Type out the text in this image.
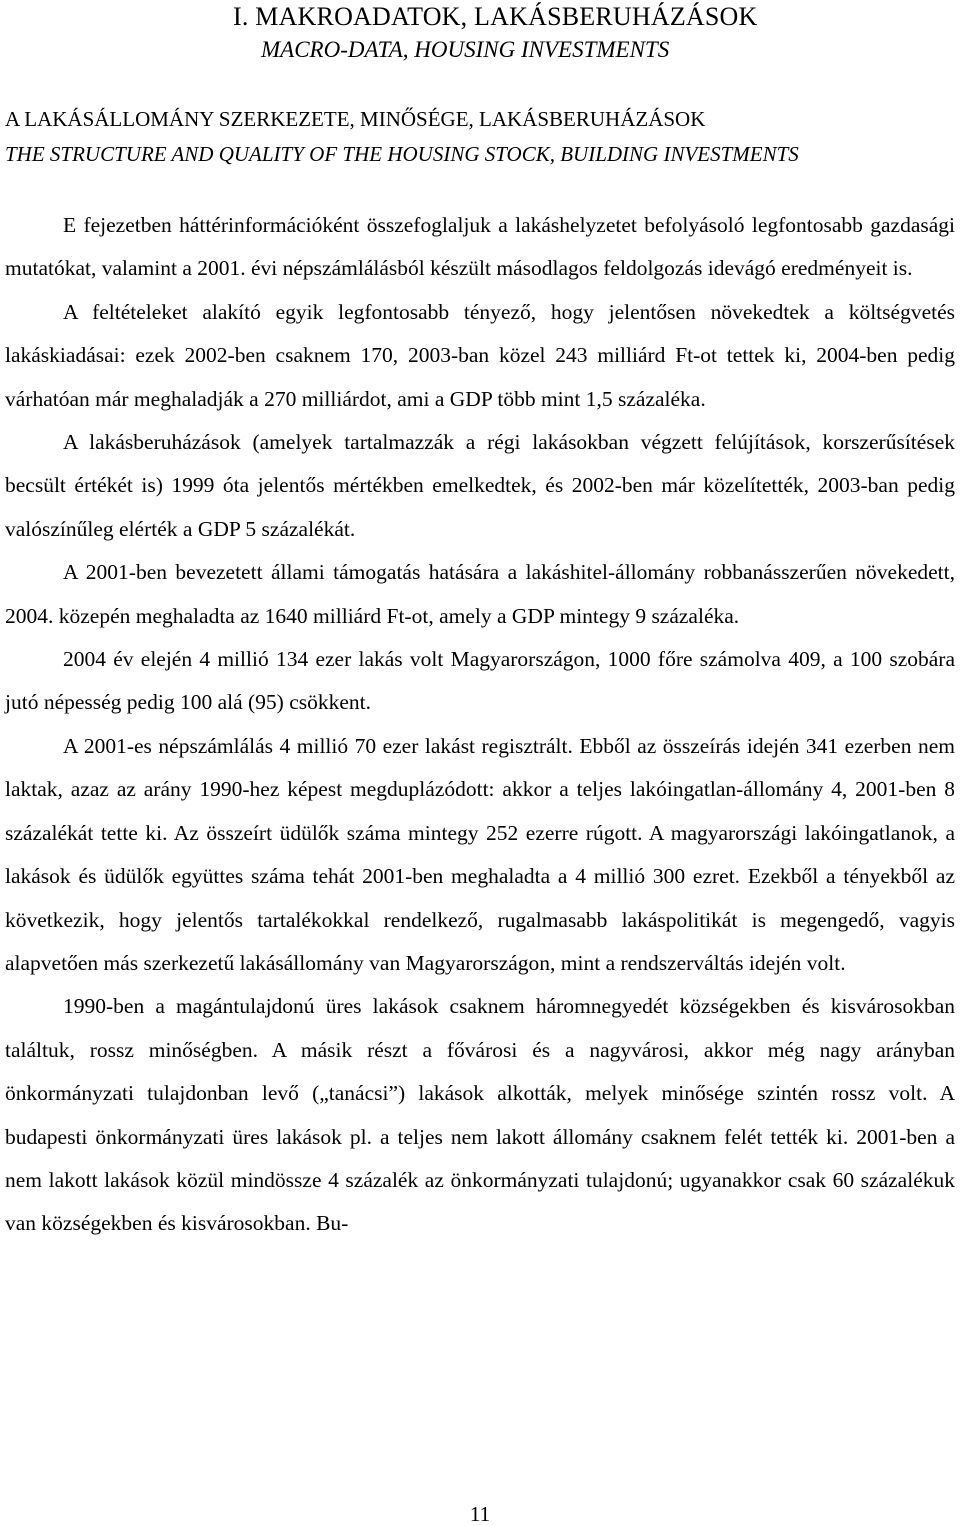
I. MAKROADATOK, LAKÁSBERUHÁZÁSOK
MACRO-DATA, HOUSING INVESTMENTS
A LAKÁSÁLLOMÁNY SZERKEZETE, MINŐSÉGE, LAKÁSBERUHÁZÁSOK
THE STRUCTURE AND QUALITY OF THE HOUSING STOCK, BUILDING INVESTMENTS

E fejezetben háttérinformációként összefoglaljuk a lakáshelyzetet befolyásoló legfontosabb gazdasági mutatókat, valamint a 2001. évi népszámlálásból készült másodlagos feldolgozás idevágó eredményeit is.

A feltételeket alakító egyik legfontosabb tényező, hogy jelentősen növekedtek a költségvetés lakáskiadásai: ezek 2002-ben csaknem 170, 2003-ban közel 243 milliárd Ft-ot tettek ki, 2004-ben pedig várhatóan már meghaladják a 270 milliárdot, ami a GDP több mint 1,5 százaléka.

A lakásberuházások (amelyek tartalmazzák a régi lakásokban végzett felújítások, korszerűsítések becsült értékét is) 1999 óta jelentős mértékben emelkedtek, és 2002-ben már közelítették, 2003-ban pedig valószínűleg elérték a GDP 5 százalékát.

A 2001-ben bevezetett állami támogatás hatására a lakáshitel-állomány robbanásszerűen növekedett, 2004. közepén meghaladta az 1640 milliárd Ft-ot, amely a GDP mintegy 9 százaléka.

2004 év elején 4 millió 134 ezer lakás volt Magyarországon, 1000 főre számolva 409, a 100 szobára jutó népesség pedig 100 alá (95) csökkent.

A 2001-es népszámlálás 4 millió 70 ezer lakást regisztrált. Ebből az összeírás idején 341 ezerben nem laktak, azaz az arány 1990-hez képest megduplázódott: akkor a teljes lakóingatlan-állomány 4, 2001-ben 8 százalékát tette ki. Az összeírt üdülők száma mintegy 252 ezerre rúgott. A magyarországi lakóingatlanok, a lakások és üdülők együttes száma tehát 2001-ben meghaladta a 4 millió 300 ezret. Ezekből a tényekből az következik, hogy jelentős tartalékokkal rendelkező, rugalmasabb lakáspolitikát is megengedő, vagyis alapvetően más szerkezetű lakásállomány van Magyarországon, mint a rendszerváltás idején volt.

1990-ben a magántulajdonú üres lakások csaknem háromnegyedét községekben és kisvárosokban találtuk, rossz minőségben. A másik részt a fővárosi és a nagyvárosi, akkor még nagy arányban önkormányzati tulajdonban levő („tanácsi”) lakások alkották, melyek minősége szintén rossz volt. A budapesti önkormányzati üres lakások pl. a teljes nem lakott állomány csaknem felét tették ki. 2001-ben a nem lakott lakások közül mindössze 4 százalék az önkormányzati tulajdonú; ugyanakkor csak 60 százalékuk van községekben és kisvárosokban. Bu-

11
